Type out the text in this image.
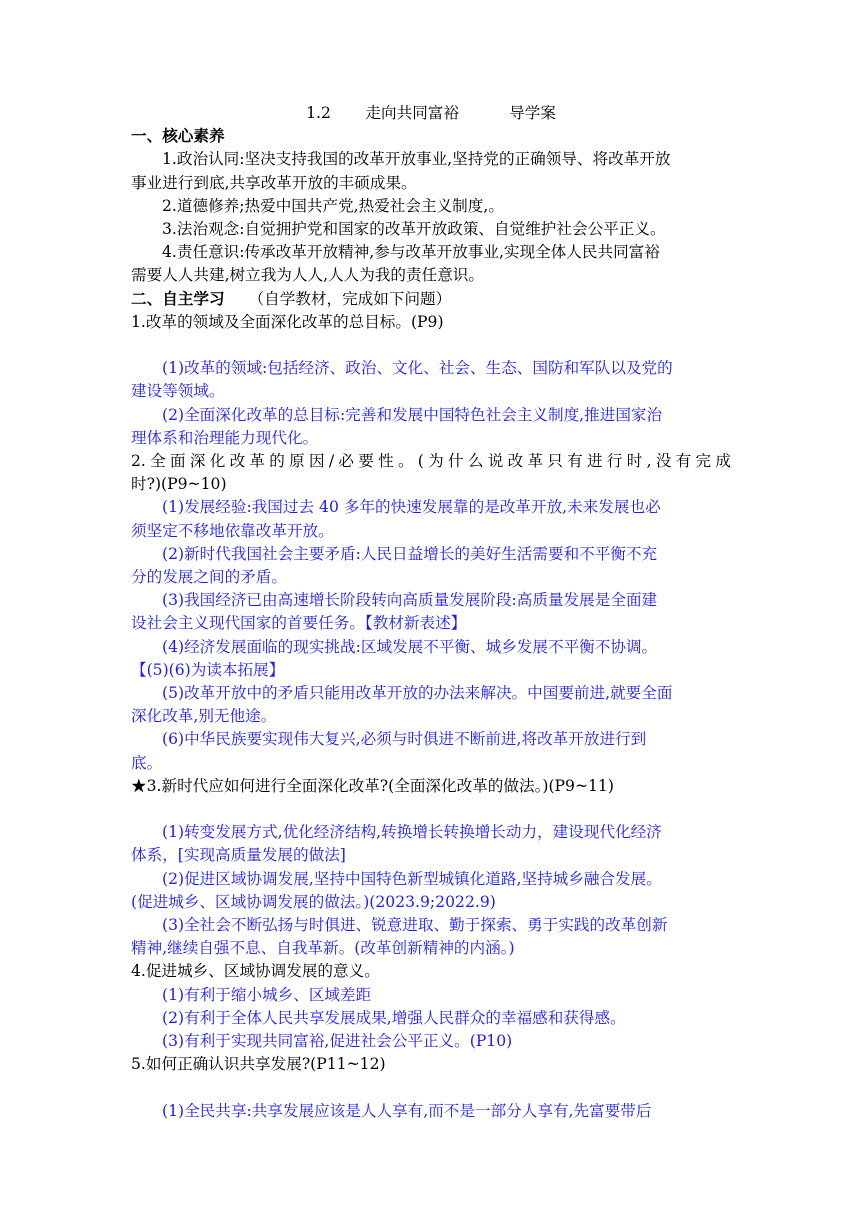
1.2　 走向共同富裕　　 导学案
一、核心素养
1.政治认同:坚决支持我国的改革开放事业,坚持党的正确领导、将改革开放
事业进行到底,共享改革开放的丰硕成果。
2.道德修养;热爱中国共产党,热爱社会主义制度,。
3.法治观念:自觉拥护党和国家的改革开放政策、自觉维护社会公平正义。
4.责任意识:传承改革开放精神,参与改革开放事业,实现全体人民共同富裕
需要人人共建,树立我为人人,人人为我的责任意识。
二、自主学习 （自学教材，完成如下问题）
1.改革的领域及全面深化改革的总目标。(P9)
(1)改革的领域:包括经济、政治、文化、社会、生态、国防和军队以及党的
建设等领域。
(2)全面深化改革的总目标:完善和发展中国特色社会主义制度,推进国家治
理体系和治理能力现代化。
2.全面深化改革的原因/必要性。(为什么说改革只有进行时,没有完成
时?)(P9~10)
(1)发展经验:我国过去 40 多年的快速发展靠的是改革开放,未来发展也必
须坚定不移地依靠改革开放。
(2)新时代我国社会主要矛盾:人民日益增长的美好生活需要和不平衡不充
分的发展之间的矛盾。
(3)我国经济已由高速增长阶段转向高质量发展阶段:高质量发展是全面建
设社会主义现代国家的首要任务。【教材新表述】
(4)经济发展面临的现实挑战:区域发展不平衡、城乡发展不平衡不协调。
【(5)(6)为读本拓展】
(5)改革开放中的矛盾只能用改革开放的办法来解决。中国要前进,就要全面
深化改革,别无他途。
(6)中华民族要实现伟大复兴,必须与时俱进不断前进,将改革开放进行到
底。
★3.新时代应如何进行全面深化改革?(全面深化改革的做法。)(P9~11)
(1)转变发展方式,优化经济结构,转换增长转换增长动力，建设现代化经济
体系，[实现高质量发展的做法]
(2)促进区域协调发展,坚持中国特色新型城镇化道路,坚持城乡融合发展。
(促进城乡、区域协调发展的做法。)(2023.9;2022.9)
(3)全社会不断弘扬与时俱进、锐意进取、勤于探索、勇于实践的改革创新
精神,继续自强不息、自我革新。(改革创新精神的内涵。)
4.促进城乡、区域协调发展的意义。
(1)有利于缩小城乡、区域差距
(2)有利于全体人民共享发展成果,增强人民群众的幸福感和获得感。
(3)有利于实现共同富裕,促进社会公平正义。(P10)
5.如何正确认识共享发展?(P11~12)
(1)全民共享:共享发展应该是人人享有,而不是一部分人享有,先富要带后
